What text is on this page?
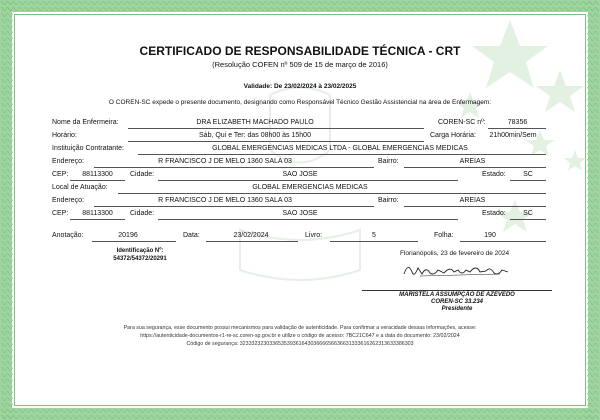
CERTIFICADO DE RESPONSABILIDADE TÉCNICA - CRT
(Resolução COFEN nº 509 de 15 de março de 2016)
Validade: De 23/02/2024 à 23/02/2025
O COREN-SC expede o presente documento, designando como Responsável Técnico Gestão Assistencial na área de Enfermagem:
Nome da Enfermeira:	DRA ELIZABETH MACHADO PAULO	COREN-SC nº:	78356
Horário:	Sáb, Qui e Ter: das 08h00 às 15h00	Carga Horária:	21h00min/Sem
Instituição Contratante:	GLOBAL EMERGENCIAS MEDICAS LTDA - GLOBAL EMERGENCIAS MEDICAS
Endereço:	R FRANCISCO J DE MELO 1360 SALA 03	Bairro:	AREIAS
CEP:	88113300	Cidade:	SAO JOSE	Estado:	SC
Local de Atuação:	GLOBAL EMERGENCIAS MEDICAS
Endereço:	R FRANCISCO J DE MELO 1360 SALA 03	Bairro:	AREIAS
CEP:	88113300	Cidade:	SAO JOSE	Estado:	SC
Anotação:	20196	Data:	23/02/2024	Livro:	5	Folha:	190
Identificação Nº:
54372/54372/20291
Florianópolis, 23 de fevereiro de 2024
MARISTELA ASSUMPÇÃO DE AZEVEDO
COREN-SC 33.234
Presidente
Para sua segurança, esse documento possui mecanismos para validação de autenticidade. Para confirmar a veracidade dessas informações, acesse:
https://autenticidade-documentos-r1-re-sc.coren-sp.gov.br e utilize o código de acesso: 7BC21C647 e a data do documento: 23/02/2024
Código de segurança: 32333232303365353936164303666656636631333616262313633386303
